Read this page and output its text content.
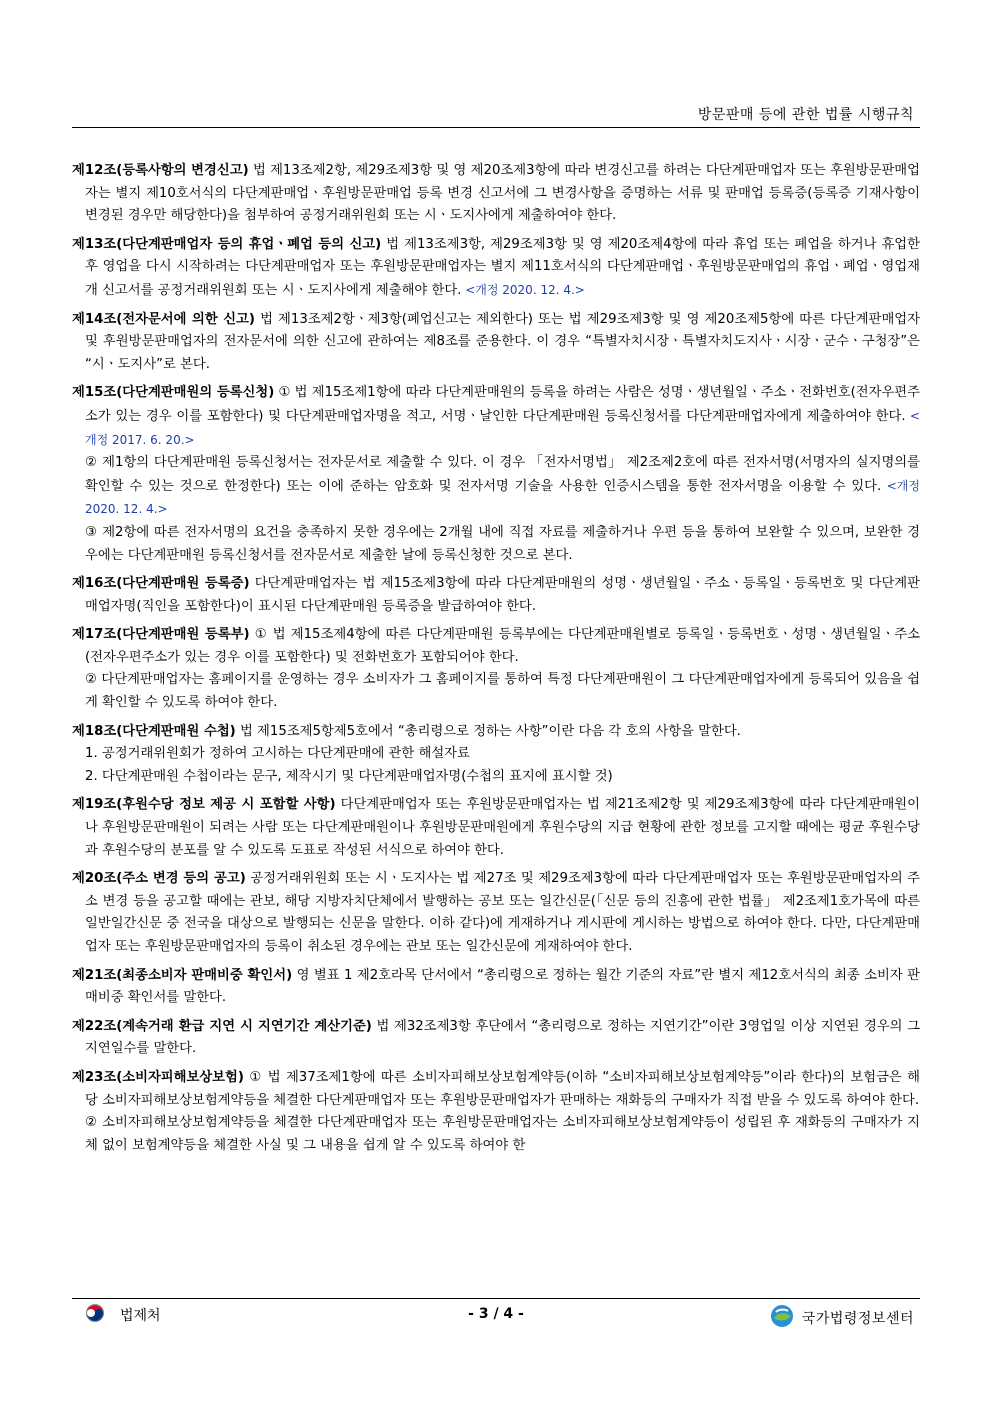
방문판매 등에 관한 법률 시행규칙

제12조(등록사항의 변경신고) 법 제13조제2항, 제29조제3항 및 영 제20조제3항에 따라 변경신고를 하려는 다단계판매업자 또는 후원방문판매업자는 별지 제10호서식의 다단계판매업ㆍ후원방문판매업 등록 변경 신고서에 그 변경사항을 증명하는 서류 및 판매업 등록증(등록증 기재사항이 변경된 경우만 해당한다)을 첨부하여 공정거래위원회 또는 시ㆍ도지사에게 제출하여야 한다.

제13조(다단계판매업자 등의 휴업ㆍ폐업 등의 신고) 법 제13조제3항, 제29조제3항 및 영 제20조제4항에 따라 휴업 또는 폐업을 하거나 휴업한 후 영업을 다시 시작하려는 다단계판매업자 또는 후원방문판매업자는 별지 제11호서식의 다단계판매업ㆍ후원방문판매업의 휴업ㆍ폐업ㆍ영업재개 신고서를 공정거래위원회 또는 시ㆍ도지사에게 제출해야 한다. <개정 2020. 12. 4.>

제14조(전자문서에 의한 신고) 법 제13조제2항ㆍ제3항(폐업신고는 제외한다) 또는 법 제29조제3항 및 영 제20조제5항에 따른 다단계판매업자 및 후원방문판매업자의 전자문서에 의한 신고에 관하여는 제8조를 준용한다. 이 경우 “특별자치시장ㆍ특별자치도지사ㆍ시장ㆍ군수ㆍ구청장”은 “시ㆍ도지사”로 본다.

제15조(다단계판매원의 등록신청) ① 법 제15조제1항에 따라 다단계판매원의 등록을 하려는 사람은 성명ㆍ생년월일ㆍ주소ㆍ전화번호(전자우편주소가 있는 경우 이를 포함한다) 및 다단계판매업자명을 적고, 서명ㆍ날인한 다단계판매원 등록신청서를 다단계판매업자에게 제출하여야 한다. <개정 2017. 6. 20.>

② 제1항의 다단계판매원 등록신청서는 전자문서로 제출할 수 있다. 이 경우 「전자서명법」 제2조제2호에 따른 전자서명(서명자의 실지명의를 확인할 수 있는 것으로 한정한다) 또는 이에 준하는 암호화 및 전자서명 기술을 사용한 인증시스템을 통한 전자서명을 이용할 수 있다. <개정 2020. 12. 4.>

③ 제2항에 따른 전자서명의 요건을 충족하지 못한 경우에는 2개월 내에 직접 자료를 제출하거나 우편 등을 통하여 보완할 수 있으며, 보완한 경우에는 다단계판매원 등록신청서를 전자문서로 제출한 날에 등록신청한 것으로 본다.

제16조(다단계판매원 등록증) 다단계판매업자는 법 제15조제3항에 따라 다단계판매원의 성명ㆍ생년월일ㆍ주소ㆍ등록일ㆍ등록번호 및 다단계판매업자명(직인을 포함한다)이 표시된 다단계판매원 등록증을 발급하여야 한다.

제17조(다단계판매원 등록부) ① 법 제15조제4항에 따른 다단계판매원 등록부에는 다단계판매원별로 등록일ㆍ등록번호ㆍ성명ㆍ생년월일ㆍ주소(전자우편주소가 있는 경우 이를 포함한다) 및 전화번호가 포함되어야 한다.

② 다단계판매업자는 홈페이지를 운영하는 경우 소비자가 그 홈페이지를 통하여 특정 다단계판매원이 그 다단계판매업자에게 등록되어 있음을 쉽게 확인할 수 있도록 하여야 한다.

제18조(다단계판매원 수첩) 법 제15조제5항제5호에서 “총리령으로 정하는 사항”이란 다음 각 호의 사항을 말한다.

1. 공정거래위원회가 정하여 고시하는 다단계판매에 관한 해설자료

2. 다단계판매원 수첩이라는 문구, 제작시기 및 다단계판매업자명(수첩의 표지에 표시할 것)

제19조(후원수당 정보 제공 시 포함할 사항) 다단계판매업자 또는 후원방문판매업자는 법 제21조제2항 및 제29조제3항에 따라 다단계판매원이나 후원방문판매원이 되려는 사람 또는 다단계판매원이나 후원방문판매원에게 후원수당의 지급 현황에 관한 정보를 고지할 때에는 평균 후원수당과 후원수당의 분포를 알 수 있도록 도표로 작성된 서식으로 하여야 한다.

제20조(주소 변경 등의 공고) 공정거래위원회 또는 시ㆍ도지사는 법 제27조 및 제29조제3항에 따라 다단계판매업자 또는 후원방문판매업자의 주소 변경 등을 공고할 때에는 관보, 해당 지방자치단체에서 발행하는 공보 또는 일간신문(「신문 등의 진흥에 관한 법률」 제2조제1호가목에 따른 일반일간신문 중 전국을 대상으로 발행되는 신문을 말한다. 이하 같다)에 게재하거나 게시판에 게시하는 방법으로 하여야 한다. 다만, 다단계판매업자 또는 후원방문판매업자의 등록이 취소된 경우에는 관보 또는 일간신문에 게재하여야 한다.

제21조(최종소비자 판매비중 확인서) 영 별표 1 제2호라목 단서에서 “총리령으로 정하는 월간 기준의 자료”란 별지 제12호서식의 최종 소비자 판매비중 확인서를 말한다.

제22조(계속거래 환급 지연 시 지연기간 계산기준) 법 제32조제3항 후단에서 “총리령으로 정하는 지연기간”이란 3영업일 이상 지연된 경우의 그 지연일수를 말한다.

제23조(소비자피해보상보험) ① 법 제37조제1항에 따른 소비자피해보상보험계약등(이하 “소비자피해보상보험계약등”이라 한다)의 보험금은 해당 소비자피해보상보험계약등을 체결한 다단계판매업자 또는 후원방문판매업자가 판매하는 재화등의 구매자가 직접 받을 수 있도록 하여야 한다.

② 소비자피해보상보험계약등을 체결한 다단계판매업자 또는 후원방문판매업자는 소비자피해보상보험계약등이 성립된 후 재화등의 구매자가 지체 없이 보험계약등을 체결한 사실 및 그 내용을 쉽게 알 수 있도록 하여야 한

법제처	- 3 / 4 -	국가법령정보센터
